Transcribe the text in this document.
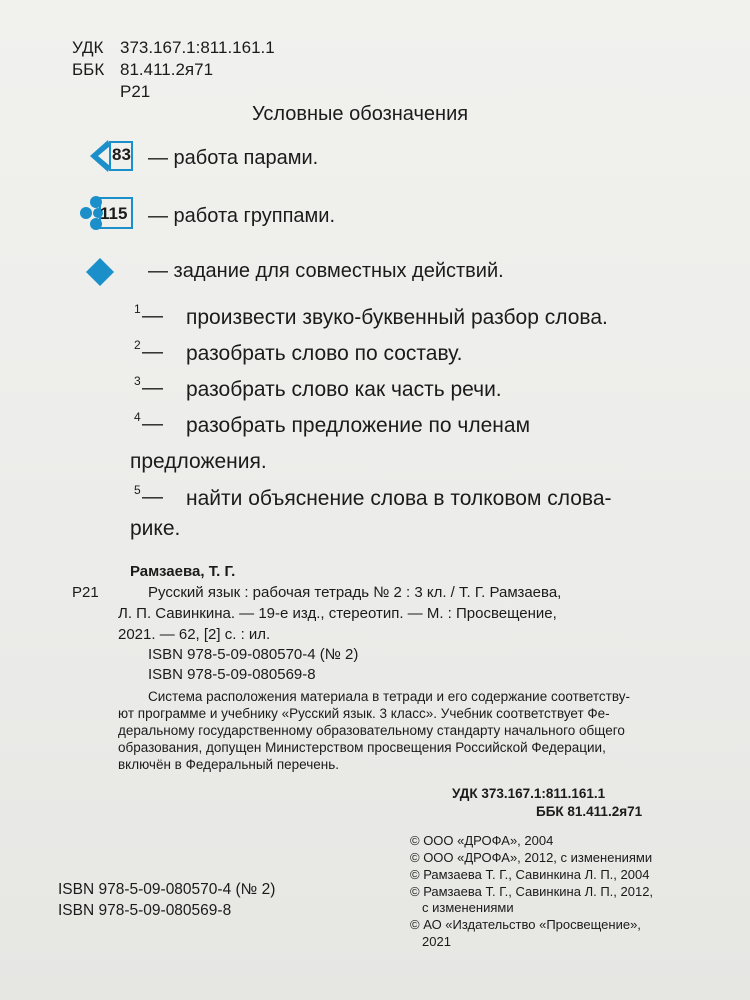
УДК 373.167.1:811.161.1
ББК 81.411.2я71
Р21
Условные обозначения
83 — работа парами.
115 — работа группами.
— задание для совместных действий.
1 — произвести звуко-буквенный разбор слова.
2 — разобрать слово по составу.
3 — разобрать слово как часть речи.
4 — разобрать предложение по членам
предложения.
5 — найти объяснение слова в толковом слова-
рике.
Рамзаева, Т. Г.
Р21	Русский язык : рабочая тетрадь № 2 : 3 кл. / Т. Г. Рамзаева,
Л. П. Савинкина. — 19-е изд., стереотип. — М. : Просвещение,
2021. — 62, [2] с. : ил.
ISBN 978-5-09-080570-4 (№ 2)
ISBN 978-5-09-080569-8
Система расположения материала в тетради и его содержание соответству-
ют программе и учебнику «Русский язык. 3 класс». Учебник соответствует Фе-
деральному государственному образовательному стандарту начального общего
образования, допущен Министерством просвещения Российской Федерации,
включён в Федеральный перечень.
УДК 373.167.1:811.161.1
ББК 81.411.2я71
© ООО «ДРОФА», 2004
© ООО «ДРОФА», 2012, с изменениями
© Рамзаева Т. Г., Савинкина Л. П., 2004
© Рамзаева Т. Г., Савинкина Л. П., 2012,
с изменениями
© АО «Издательство «Просвещение»,
2021
ISBN 978-5-09-080570-4 (№ 2)
ISBN 978-5-09-080569-8
